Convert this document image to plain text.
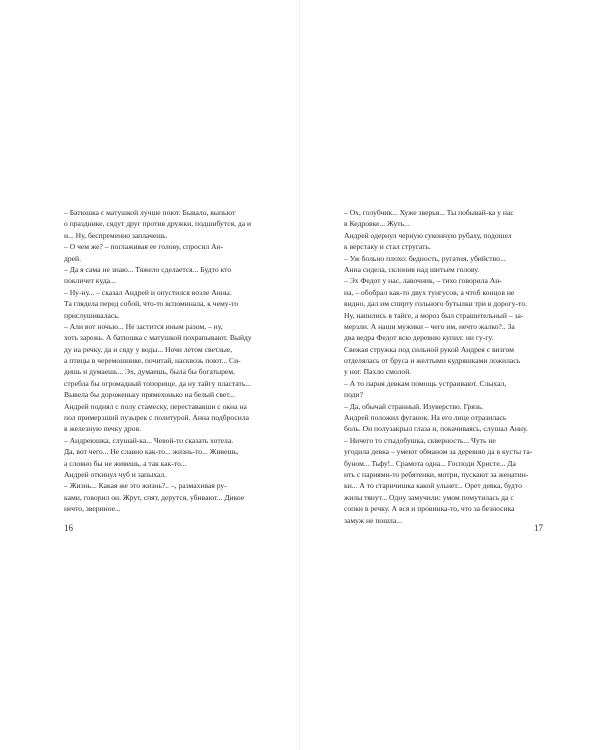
– Батюшка с матушкой лучше поют. Бывало, выпьют
о празднике, сядут друг против дружки, подшибутся, да и
и... Ну, беспременно заплачешь.
– О чем же? – поглаживая ее голову, спросил Ан-
дрей.
– Да я сама не знаю... Тяжело сделается... Будто кто
покличет куда...
– Ну-ну... – сказал Андрей и опустился возле Анны.
Та глядела перед собой, что-то вспоминала, к чему-то
прислушивалась.
– Али вот ночью... Не застится иным разом, – ну,
хоть зарежь. А батюшка с матушкой похрапывают. Выйду
ду на речку, да и сяду у воды... Ночи летом светлые,
а птицы в черемошнике, почитай, насквозь поют... Си-
дишь и думаешь... Эх, думаешь, была бы богатырем,
стребла бы огромадный топорище, да ну тайгу пластать...
Вывела бы дороженьку прямехонько на белый свет...
Андрей поднял с полу стамеску, перестававши с окна на
пол примерзший пузырек с политурой. Анна подбросила
в железную печку дров.
– Андреюшка, слушай-ка... Чевой-то сказать хотела.
Да, вот чего... Не славно как-то... жизнь-то... Живешь,
а словно бы не живешь, а так как-то...
Андрей откинул чуб и запыхал.
– Жизнь... Какая же это жизнь?.. –, размахивая ру-
ками, говорил он. Жрут, спят, дерутся, убивают... Дикое
нечто, звериное...
16
– Ох, голубчик... Хуже зверья... Ты побывай-ка у нас
в Кедровке... Жуть...
Андрей одернул черную суконную рубаху, подошел
к верстаку и стал стругать.
– Уж больно плохо: бедность, ругатня, убийство...
Анна сидела, склонив над шитьем голову.
– Эх Федот у нас, лавочник, – тихо говорила Ан-
на, – обобрал как-то двух тунгусов, а чтоб концов не
видно, дал им спирту гольного бутылки три в дорогу-то.
Ну, напились в тайге, а мороз был страшительный – за-
мерзли. А наши мужики – чего им, нечто жалко?.. За
два ведра Федот всю деревню купил: ни гу-гу.
Свежая стружка под сильной рукой Андрея с визгом
отделялась от бруса и желтыми кудряшками ложилась
у ног. Пахло смолой.
– А то парня девкам помощь устраивают. Слыхал,
поди?
– Да, обычай странный. Изуверство. Грязь.
Андрей положил фуганок. На его лице отразилась
боль. Он полузакрыл глаза и, покачиваясь, слушал Анну.
– Ничего то стыдобушка, скверность... Чуть не
угодила девка – умеют обманом за деревню да в кусты та-
буном... Тьфу!.. Срамота одна... Господи Христе... Да
ить с парнями-то ребятенки, мотри, пускают за женатин-
ки... А то старичишка какой ульнет... Орет девка, будто
жилы тянут... Одну замучили: умом помутилась да с
сопки в речку. А вся и провинка-то, что за безносика
замуж не пошла...
17
